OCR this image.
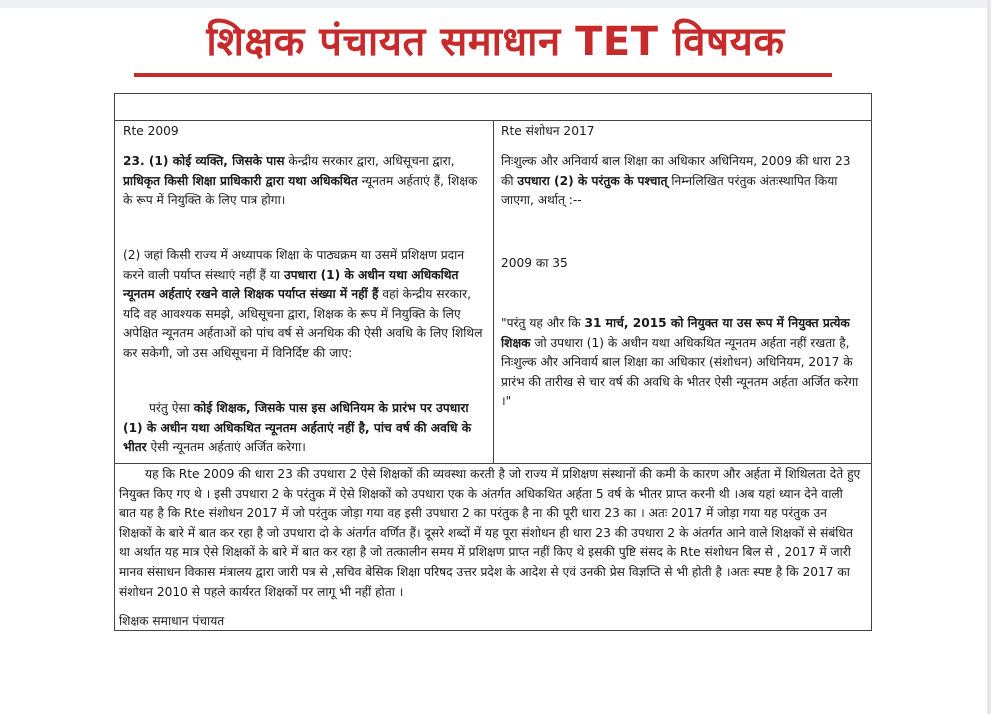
शिक्षक पंचायत समाधान TET विषयक
Rte 2009
23. (1) कोई व्यक्ति, जिसके पास केन्द्रीय सरकार द्वारा, अधिसूचना द्वारा, प्राधिकृत किसी शिक्षा प्राधिकारी द्वारा यथा अधिकथित न्यूनतम अर्हताएं हैं, शिक्षक के रूप में नियुक्ति के लिए पात्र होगा।
(2) जहां किसी राज्य में अध्यापक शिक्षा के पाठ्यक्रम या उसमें प्रशिक्षण प्रदान करने वाली पर्याप्त संस्थाएं नहीं हैं या उपधारा (1) के अधीन यथा अधिकथित न्यूनतम अर्हताएं रखने वाले शिक्षक पर्याप्त संख्या में नहीं हैं वहां केन्द्रीय सरकार, यदि वह आवश्यक समझे, अधिसूचना द्वारा, शिक्षक के रूप में नियुक्ति के लिए अपेक्षित न्यूनतम अर्हताओं को पांच वर्ष से अनधिक की ऐसी अवधि के लिए शिथिल कर सकेगी, जो उस अधिसूचना में विनिर्दिष्ट की जाए:
परंतु ऐसा कोई शिक्षक, जिसके पास इस अधिनियम के प्रारंभ पर उपधारा (1) के अधीन यथा अधिकथित न्यूनतम अर्हताएं नहीं है, पांच वर्ष की अवधि के भीतर ऐसी न्यूनतम अर्हताएं अर्जित करेगा।
Rte संशोधन 2017
निःशुल्क और अनिवार्य बाल शिक्षा का अधिकार अधिनियम, 2009 की धारा 23 की उपधारा (2) के परंतुक के पश्चात् निम्नलिखित परंतुक अंतःस्थापित किया जाएगा, अर्थात् :--
2009 का 35
"परंतु यह और कि 31 मार्च, 2015 को नियुक्त या उस रूप में नियुक्त प्रत्येक शिक्षक जो उपधारा (1) के अधीन यथा अधिकथित न्यूनतम अर्हता नहीं रखता है, निःशुल्क और अनिवार्य बाल शिक्षा का अधिकार (संशोधन) अधिनियम, 2017 के प्रारंभ की तारीख से चार वर्ष की अवधि के भीतर ऐसी न्यूनतम अर्हता अर्जित करेगा ।"
यह कि Rte 2009 की धारा 23 की उपधारा 2 ऐसे शिक्षकों की व्यवस्था करती है जो राज्य में प्रशिक्षण संस्थानों की कमी के कारण और अर्हता में शिथिलता देते हुए नियुक्त किए गए थे । इसी उपधारा 2 के परंतुक में ऐसे शिक्षकों को उपधारा एक के अंतर्गत अधिकथित अर्हता 5 वर्ष के भीतर प्राप्त करनी थी ।अब यहां ध्यान देने वाली बात यह है कि Rte संशोधन 2017 में जो परंतुक जोड़ा गया वह इसी उपधारा 2 का परंतुक है ना की पूरी धारा 23 का । अतः 2017 में जोड़ा गया यह परंतुक उन शिक्षकों के बारे में बात कर रहा है जो उपधारा दो के अंतर्गत वर्णित हैं। दूसरे शब्दों में यह पूरा संशोधन ही धारा 23 की उपधारा 2 के अंतर्गत आने वाले शिक्षकों से संबंधित था अर्थात यह मात्र ऐसे शिक्षकों के बारे में बात कर रहा है जो तत्कालीन समय में प्रशिक्षण प्राप्त नहीं किए थे इसकी पुष्टि संसद के Rte संशोधन बिल से , 2017 में जारी मानव संसाधन विकास मंत्रालय द्वारा जारी पत्र से ,सचिव बेसिक शिक्षा परिषद उत्तर प्रदेश के आदेश से एवं उनकी प्रेस विज्ञप्ति से भी होती है ।अतः स्पष्ट है कि 2017 का संशोधन 2010 से पहले कार्यरत शिक्षकों पर लागू भी नहीं होता ।
शिक्षक समाधान पंचायत
